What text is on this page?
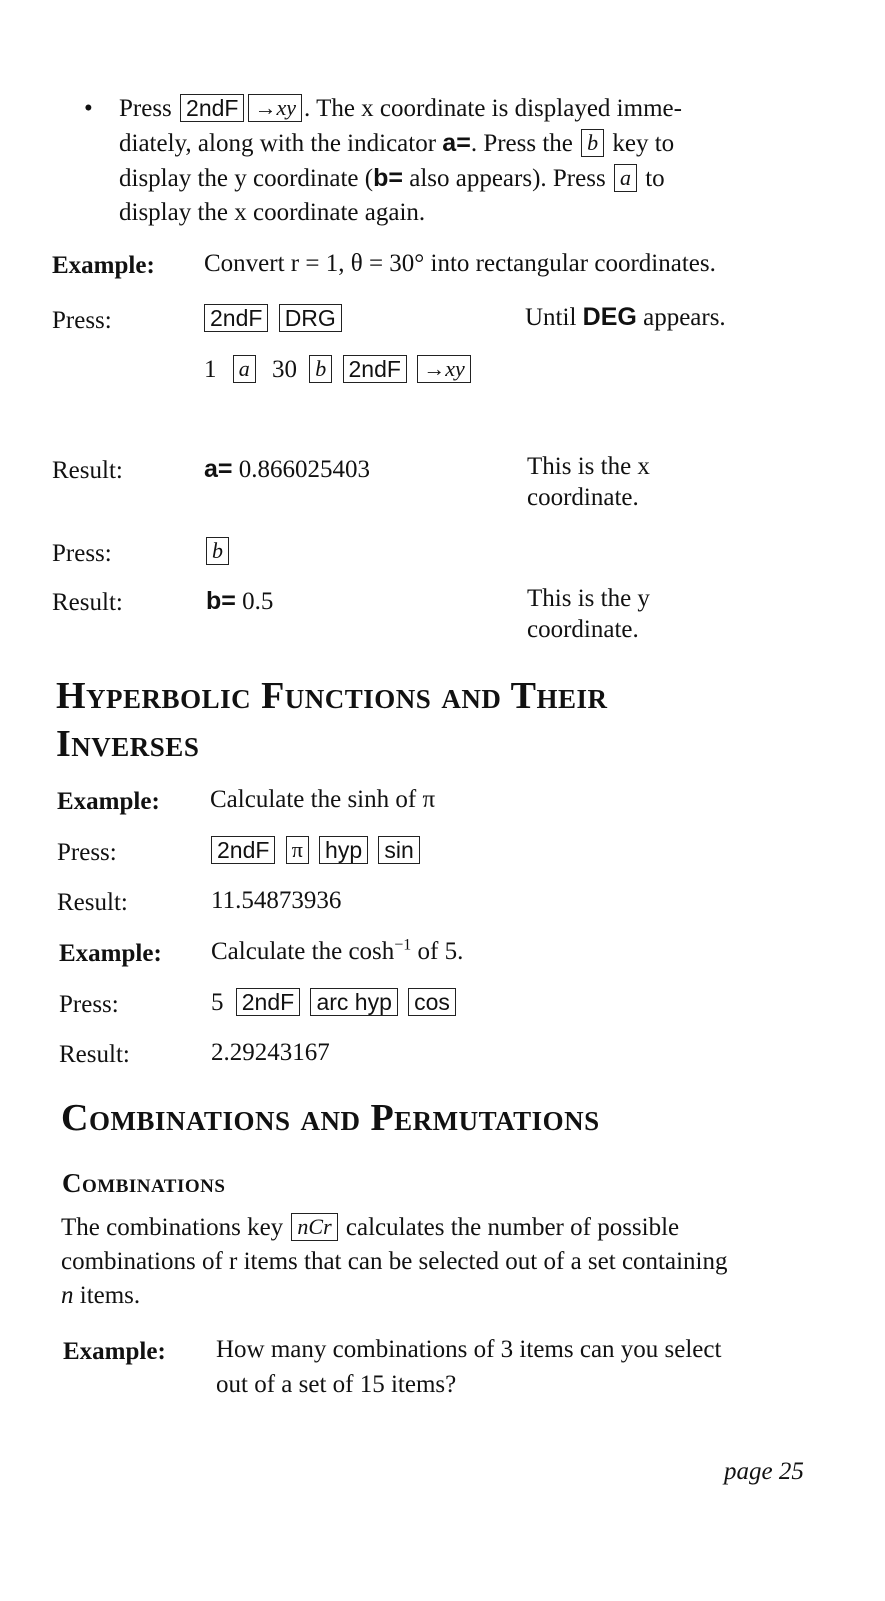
• Press 2ndF →xy . The x coordinate is displayed imme-
diately, along with the indicator a=. Press the b key to
display the y coordinate (b= also appears). Press a to
display the x coordinate again.
Example: Convert r = 1, θ = 30° into rectangular coordinates.
Press:	2ndF DRG	Until DEG appears.
1 a 30 b 2ndF →xy
Result:	a= 0.866025403	This is the x
coordinate.
Press:	b
Result:	b= 0.5	This is the y
coordinate.
Hyperbolic Functions and Their
Inverses
Example: Calculate the sinh of π
Press:	2ndF π hyp sin
Result:	11.54873936
Example: Calculate the $\cosh^{-1}$ of 5.
Press:	5 2ndF arc hyp cos
Result:	2.29243167
Combinations and Permutations
Combinations
The combinations key nCr calculates the number of possible
combinations of r items that can be selected out of a set containing
n items.
Example: How many combinations of 3 items can you select
out of a set of 15 items?
page 25
